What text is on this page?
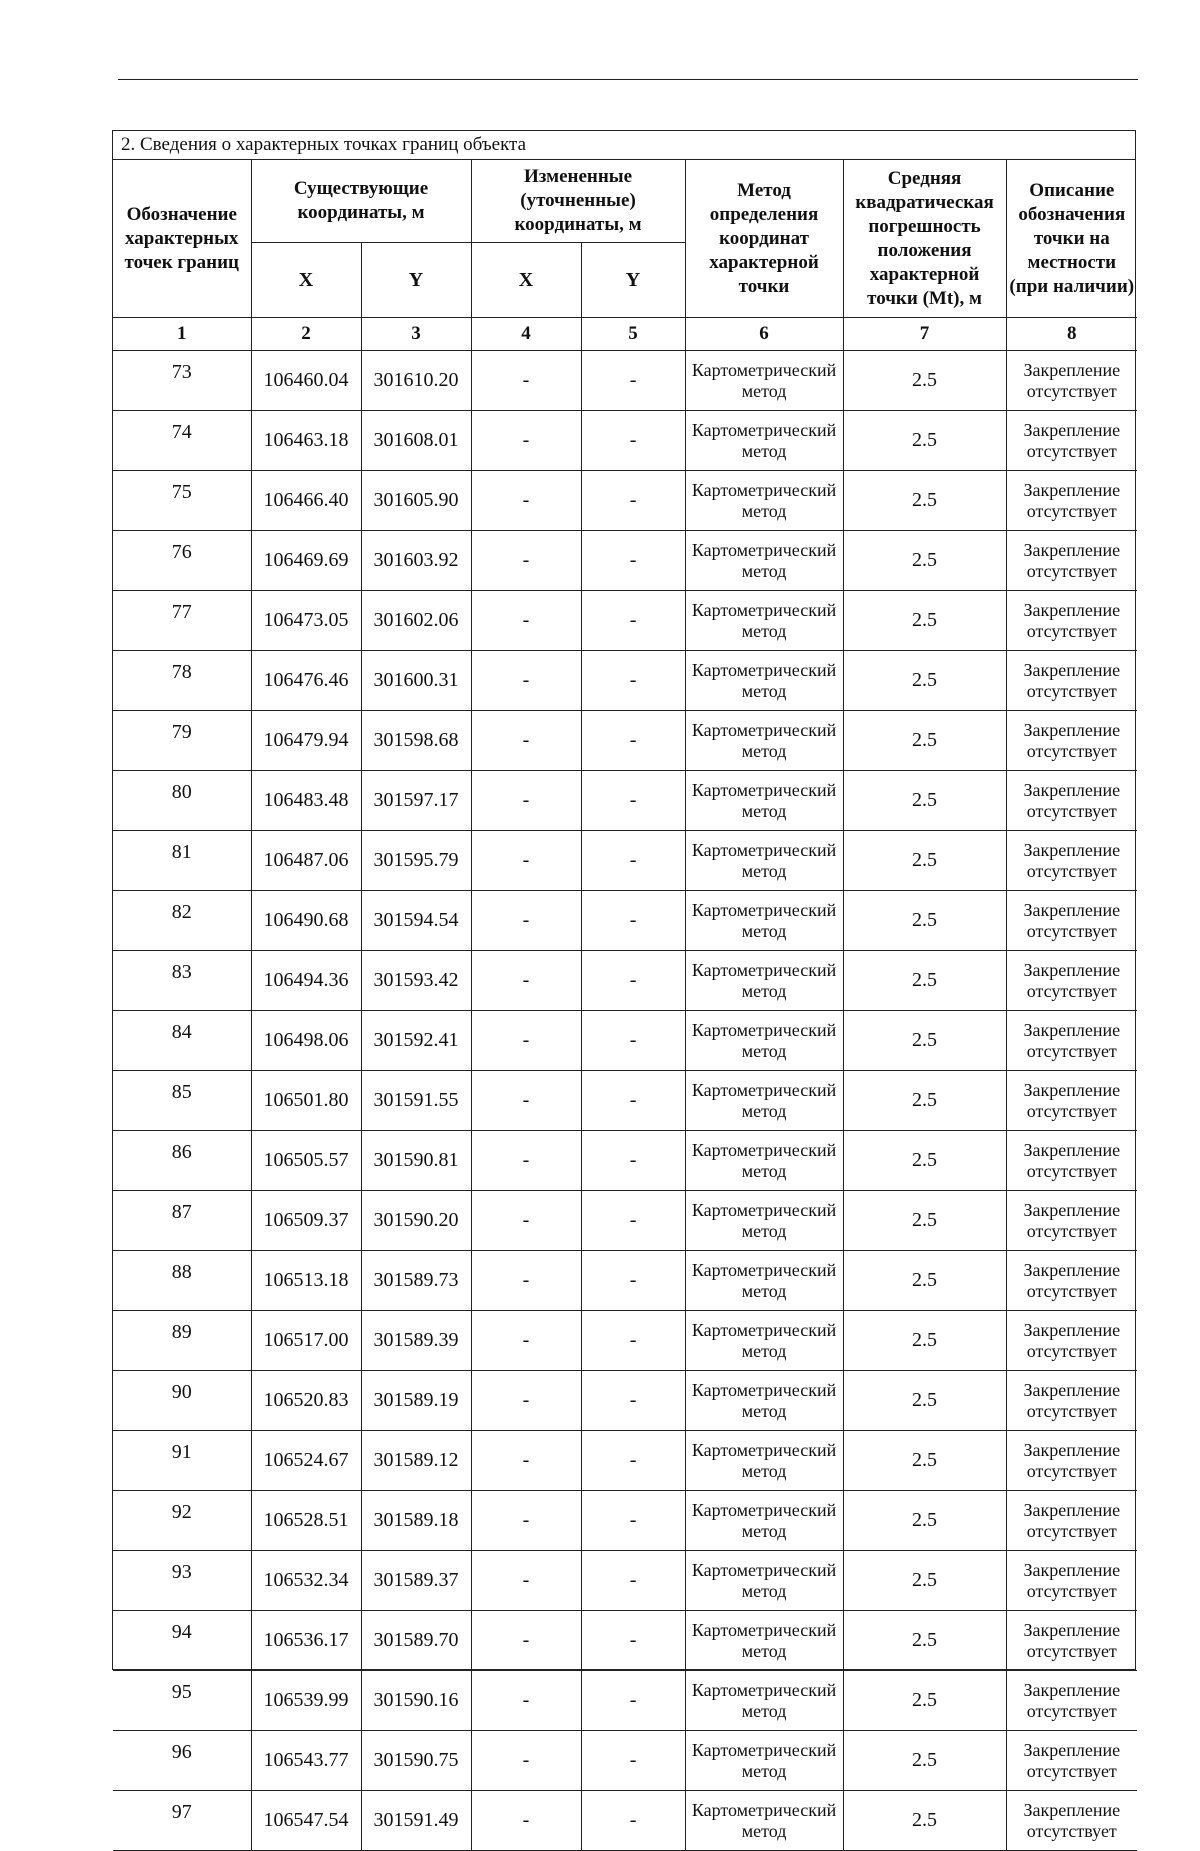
2. Сведения о характерных точках границ объекта
Обозначение характерных точек границ	Существующие координаты, м		Измененные (уточненные) координаты, м		Метод определения координат характерной точки	Средняя квадратическая погрешность положения характерной точки (Mt), м	Описание обозначения точки на местности (при наличии)
	X	Y	X	Y			
1	2	3	4	5	6	7	8
73	106460.04	301610.20	-	-	Картометрический метод	2.5	Закрепление отсутствует
74	106463.18	301608.01	-	-	Картометрический метод	2.5	Закрепление отсутствует
75	106466.40	301605.90	-	-	Картометрический метод	2.5	Закрепление отсутствует
76	106469.69	301603.92	-	-	Картометрический метод	2.5	Закрепление отсутствует
77	106473.05	301602.06	-	-	Картометрический метод	2.5	Закрепление отсутствует
78	106476.46	301600.31	-	-	Картометрический метод	2.5	Закрепление отсутствует
79	106479.94	301598.68	-	-	Картометрический метод	2.5	Закрепление отсутствует
80	106483.48	301597.17	-	-	Картометрический метод	2.5	Закрепление отсутствует
81	106487.06	301595.79	-	-	Картометрический метод	2.5	Закрепление отсутствует
82	106490.68	301594.54	-	-	Картометрический метод	2.5	Закрепление отсутствует
83	106494.36	301593.42	-	-	Картометрический метод	2.5	Закрепление отсутствует
84	106498.06	301592.41	-	-	Картометрический метод	2.5	Закрепление отсутствует
85	106501.80	301591.55	-	-	Картометрический метод	2.5	Закрепление отсутствует
86	106505.57	301590.81	-	-	Картометрический метод	2.5	Закрепление отсутствует
87	106509.37	301590.20	-	-	Картометрический метод	2.5	Закрепление отсутствует
88	106513.18	301589.73	-	-	Картометрический метод	2.5	Закрепление отсутствует
89	106517.00	301589.39	-	-	Картометрический метод	2.5	Закрепление отсутствует
90	106520.83	301589.19	-	-	Картометрический метод	2.5	Закрепление отсутствует
91	106524.67	301589.12	-	-	Картометрический метод	2.5	Закрепление отсутствует
92	106528.51	301589.18	-	-	Картометрический метод	2.5	Закрепление отсутствует
93	106532.34	301589.37	-	-	Картометрический метод	2.5	Закрепление отсутствует
94	106536.17	301589.70	-	-	Картометрический метод	2.5	Закрепление отсутствует
95	106539.99	301590.16	-	-	Картометрический метод	2.5	Закрепление отсутствует
96	106543.77	301590.75	-	-	Картометрический метод	2.5	Закрепление отсутствует
97	106547.54	301591.49	-	-	Картометрический метод	2.5	Закрепление отсутствует
